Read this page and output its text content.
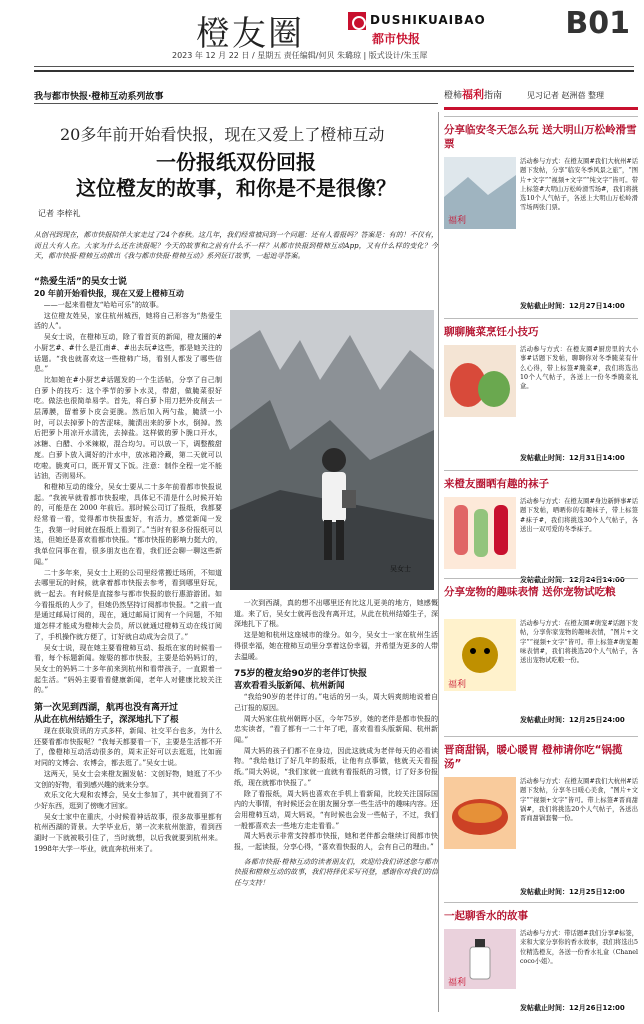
橙友圈	DUSHIKUAIBAO
都市快报	B01
2023 年 12 月 22 日 / 星期五 责任编辑/何贝 朱璐琼 | 版式设计/朱玉犀
我与都市快报·橙柿互动系列故事
20多年前开始看快报，现在又爱上了橙柿互动
一份报纸双份回报
这位橙友的故事，和你是不是很像？
记者 李梓礼
从创刊到现在，都市快报陪伴大家走过了24个春秋。这几年，我们经常被问到一个问题：还有人看报吗？答案是：有的！不仅有，而且大有人在。大家为什么还在读报呢？今天的故事和之前有什么不一样？从都市快报到橙柿互动App，又有什么样的变化？今天，都市快报·橙柿互动推出《我与都市快报·橙柿互动》系列征订故事，一起追寻答案。
“热爱生活”的吴女士说
20 年前开始看快报，现在又爱上橙柿互动
——一起来看橙友“哈哈可乐”的故事。

这位橙友姓吴，家住杭州城西，她将自己形容为“热爱生活的人”。

吴女士说，在橙柿互动，除了看首页的新闻，橙友圈的#小厨艺#、#什么是江南#、#出去玩#这些，都是她关注的话题。“我也就喜欢这一些橙柿广场，看别人都发了哪些信息。”

比如她在#小厨艺#话题发的一个生活帖，分享了自己制白萝卜的技巧：这个季节的萝卜水灵，带甜，做腌菜很好吃。做法也很简单易学。首先，将白萝卜用刀把外皮削去一层薄膜，留着萝卜皮会更脆。然后加入两勺盐，腌渍一小时，可以去掉萝卜的苦涩味，腌渍出来的萝卜水，倒掉。然后把萝卜用凉开水清洗，去掉盐。这样做的萝卜脆口开水，冰糖、白醋、小米辣椒，混合均匀。可以放一下，调整酸甜度。白萝卜放入调好的汁水中，放冰箱冷藏，第二天就可以吃啦。脆爽可口，既开胃又下饭。注意：制作全程一定不能沾油，否则易坏。

和橙柿互动的缘分，吴女士要从二十多年前看都市快报说起。“我被早就看都市快报啦，具体记不清是什么时候开始的，可能是在 2000 年前后。那时候公司订了报纸，我都要经常看一看，觉得都市快报蛮好，有活力，感觉新闻一发生，我第一时间就在报纸上看到了。”当时有很多份报纸可以选，但她还是喜欢看都市快报。“都市快报的影响力挺大的，我单位同事在看，很多朋友也在看，我们还会聊一聊这些新闻。”

二十多年来，吴女士上班的公司里经常搬迁场所，不知道去哪里玩的时候，就拿着都市快报去参考，看到哪里好玩，就一起去。有时候是直接参与都市快报的旅行惠游游团。如今看报纸的人少了，但她仍然坚持订阅都市快报。“之前一直是通过邮局订阅的，现在，通过邮局订阅有一个问题，不知道怎样才能成为橙柿大会员，所以就通过橙柿互动在线订阅了，手机操作就方便了，订好就自动成为会员了。”

吴女士说，现在她主要看橙柿互动、报纸在家的时候看一看，每个标题新闻。嫁娶的都市快报，主要是给妈妈订的，吴女士的妈妈二十多年前来到杭州和看带孩子，一直跟着一起生活。“妈妈主要看看健康新闻，老年人对健康比较关注的。”

第一次见到西湖，航再也没有离开过
从此在杭州结婚生子，深深地扎下了根

现在获取资讯的方式多样，新闻、社交平台也多，为什么还要看都市快报呢？“我每天都要看一下，主要是生活都不开了，像橙柿互动活动很多的，周末正好可以去逛逛，比如面对同的文博会、农博会，都去逛了。”吴女士说。

这两天，吴女士会来橙友圈发帖：文创好物，她逛了不少文创的好物，看到感兴趣的就来分享。

欢乐文化大观和农博会，吴女士参加了，其中就看到了不少好东西，逛到了傍晚才回家。

吴女士家中在重庆，小时候看神话故事，很多故事里都有杭州西湖的背景。大学毕业后，第一次来杭州旅游，看到西湖时一下就被吸引住了，当时就想，以后我就要到杭州来。1998年大学一毕业，就直奔杭州来了。

吴女士

一次到西湖，真的想不出哪里还有比这儿更美的地方，她感慨道。来了后，吴女士就再也没有离开过，从此在杭州结婚生子，深深地扎下了根。

这是她和杭州这座城市的缘分。如今，吴女士一家在杭州生活得很幸福，她在橙柿互动里分享着这份幸福，并希望为更多的人带去温暖。

75岁的橙友给90岁的老伴订快报
喜欢看看头版新闻、杭州新闻

“我给90岁的老伴订的。”电话的另一头，周大妈爽朗地说着自己订报的原因。

周大妈家住杭州朝晖小区，今年75岁，她的老伴是都市快报的忠实读者，“看了都有一二十年了吧，喜欢看看头版新闻、杭州新闻。”

周大妈的孩子们都不在身边，因此这就成为老伴每天的必看读物。“我给他订了好几年的报纸，让他有点事做，他就天天看报纸。”周大妈说，“我们家就一直就有看报纸的习惯，订了好多份报纸，现在就都市快报了。”

除了看报纸，周大妈也喜欢在手机上看新闻，比较关注国际国内的大事情，有时候还会在朋友圈分享一些生活中的趣味内容。还会用橙柿互动，周大妈说，“有时候也会发一些帖子，不过，我们一般都喜欢去一些地方走走看看。”

周大妈表示非常支持都市快报，她和老伴都会继续订阅都市快报，一起读报，分享心得，“喜欢看快报的人，会有自己的理由。”

各都市快报·橙柿互动的读者朋友们，欢迎给我们讲述您与都市快报和橙柿互动的故事，我们将择优采写刊登，感谢你对我们的信任与支持！

橙柿福利指南	见习记者 赵洲蓓 整理
分享临安冬天怎么玩 送大明山万松岭滑雪票
福利
活动参与方式：在橙友圈#我们大杭州#话题下发帖，分享“临安冬季风景之旅”，“图片+文字”“视频+文字”“纯文字”皆可。带上标签#大明山万松岭滑雪场#，我们将挑选10个人气帖子，各送上大明山万松岭滑雪场两张门票。
发帖截止时间：12月27日14:00
聊聊腌菜烹饪小技巧
活动参与方式：在橙友圈#厨房里的大小事#话题下发帖，聊聊你对冬季腌菜有什么心得，带上标签#腌菜#，我们将选出10个人气帖子，各送上一份冬季腌菜礼盒。
发帖截止时间：12月31日14:00
来橙友圈晒有趣的袜子
活动参与方式：在橙友圈#身边新鲜事#话题下发帖，晒晒你的有趣袜子，带上标签#袜子#，我们将挑选30个人气帖子，各送出一双可爱的冬季袜子。
发帖截止时间：12月24日14:00
分享宠物的趣味表情 送你宠物试吃粮
福利
活动参与方式：在橙友圈#萌宠#话题下发帖，分享你家宠物的趣味表情，“图片+文字”“视频+文字”皆可。带上标签#萌宠趣味表情#，我们将挑选20个人气帖子，各送出宠物试吃粮一份。
发帖截止时间：12月25日24:00
晋商甜锅，暖心暖胃 橙柿请你吃“锅揽汤”
活动参与方式：在橙友圈#我们大杭州#话题下发帖，分享冬日暖心美食，“图片+文字”“视频+文字”皆可。带上标签#晋商甜锅#，我们将挑选20个人气帖子，各送出晋商甜锅套餐一份。
发帖截止时间：12月25日12:00
一起聊香水的故事
福利
活动参与方式：带话题#我们分享#标签，来和大家分享你的香水故事，我们将选出5位精选橙友，各送一份香水礼盒（Chanel coco小姐）。
发帖截止时间：12月26日12:00
